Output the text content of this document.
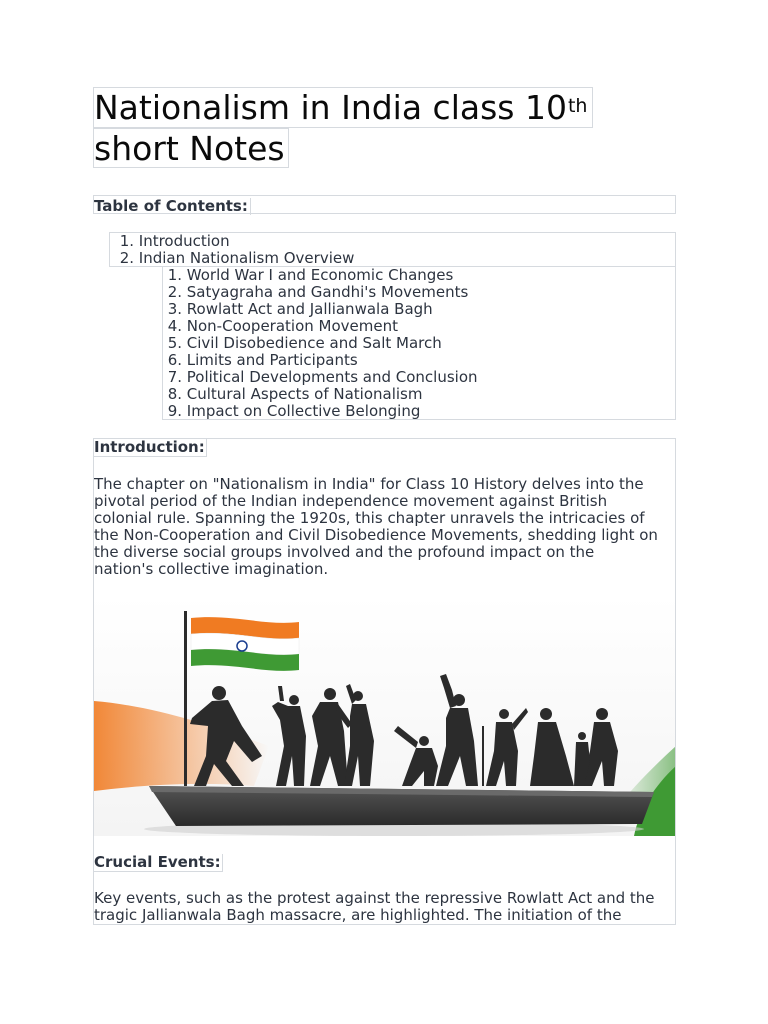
Nationalism in India class 10th
short Notes
Table of Contents:
1. Introduction
2. Indian Nationalism Overview
1. World War I and Economic Changes
2. Satyagraha and Gandhi's Movements
3. Rowlatt Act and Jallianwala Bagh
4. Non-Cooperation Movement
5. Civil Disobedience and Salt March
6. Limits and Participants
7. Political Developments and Conclusion
8. Cultural Aspects of Nationalism
9. Impact on Collective Belonging
Introduction:
The chapter on "Nationalism in India" for Class 10 History delves into the
pivotal period of the Indian independence movement against British
colonial rule. Spanning the 1920s, this chapter unravels the intricacies of
the Non-Cooperation and Civil Disobedience Movements, shedding light on
the diverse social groups involved and the profound impact on the
nation's collective imagination.
Crucial Events:
Key events, such as the protest against the repressive Rowlatt Act and the
tragic Jallianwala Bagh massacre, are highlighted. The initiation of the
